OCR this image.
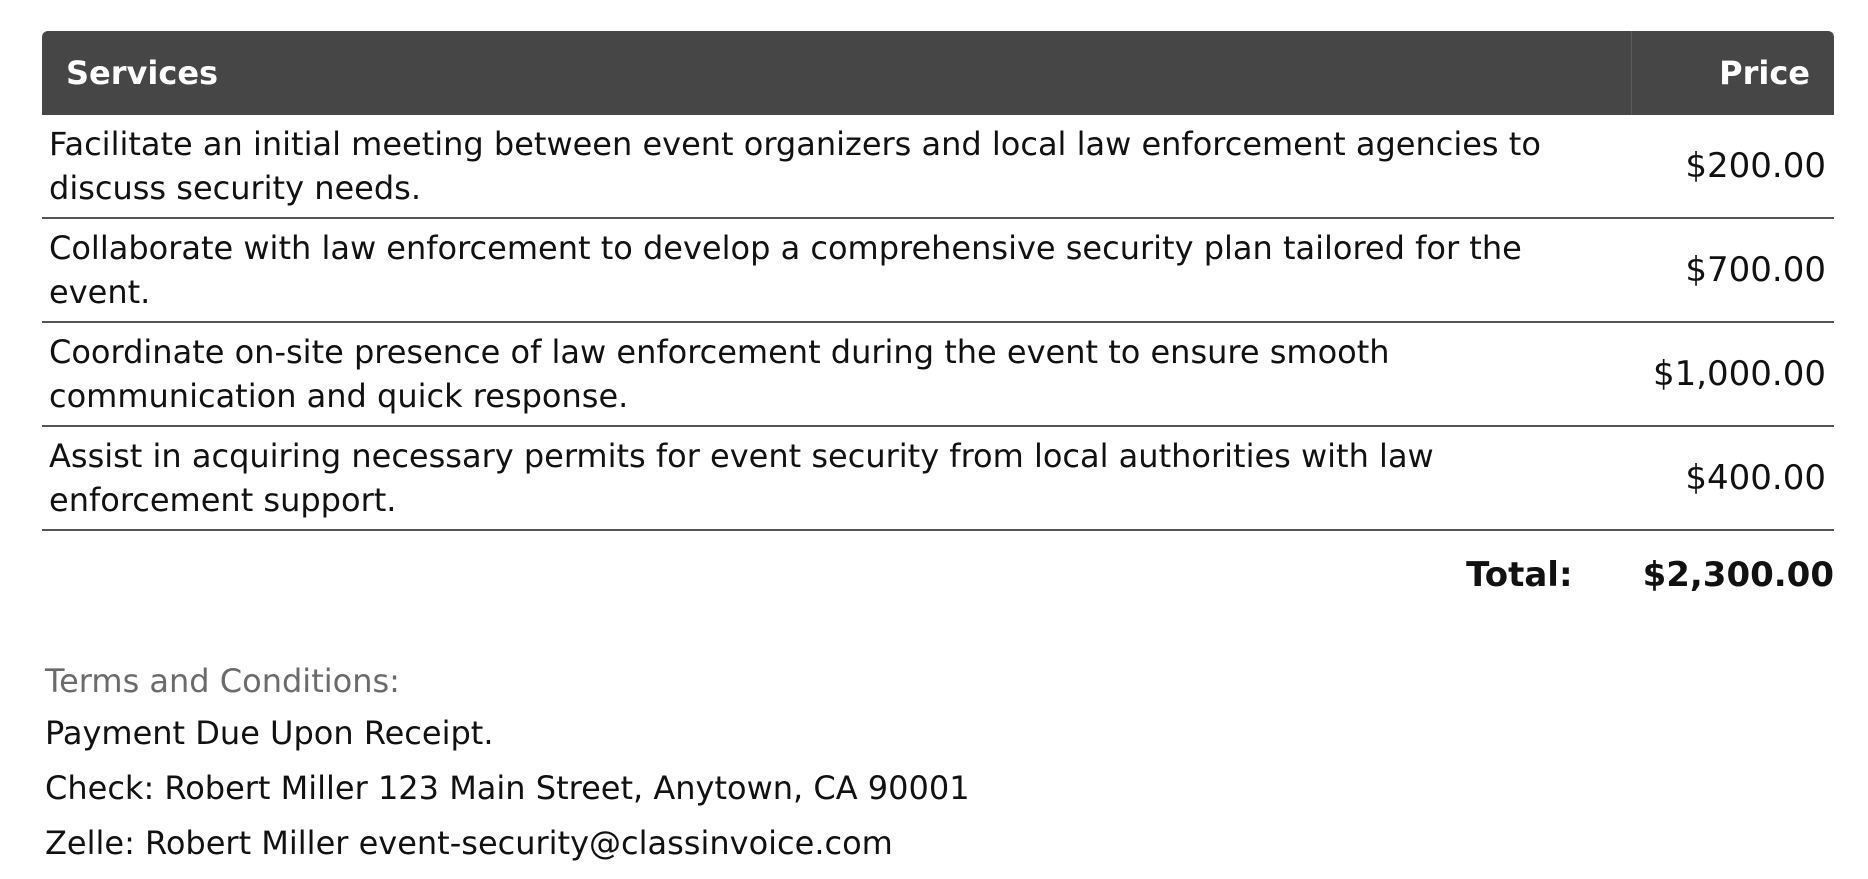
Services	Price
Facilitate an initial meeting between event organizers and local law enforcement agencies to discuss security needs.
$200.00
Collaborate with law enforcement to develop a comprehensive security plan tailored for the event.
$700.00
Coordinate on-site presence of law enforcement during the event to ensure smooth communication and quick response.
$1,000.00
Assist in acquiring necessary permits for event security from local authorities with law enforcement support.
$400.00
Total: $2,300.00
Terms and Conditions:
Payment Due Upon Receipt.
Check: Robert Miller 123 Main Street, Anytown, CA 90001
Zelle: Robert Miller event-security@classinvoice.com
